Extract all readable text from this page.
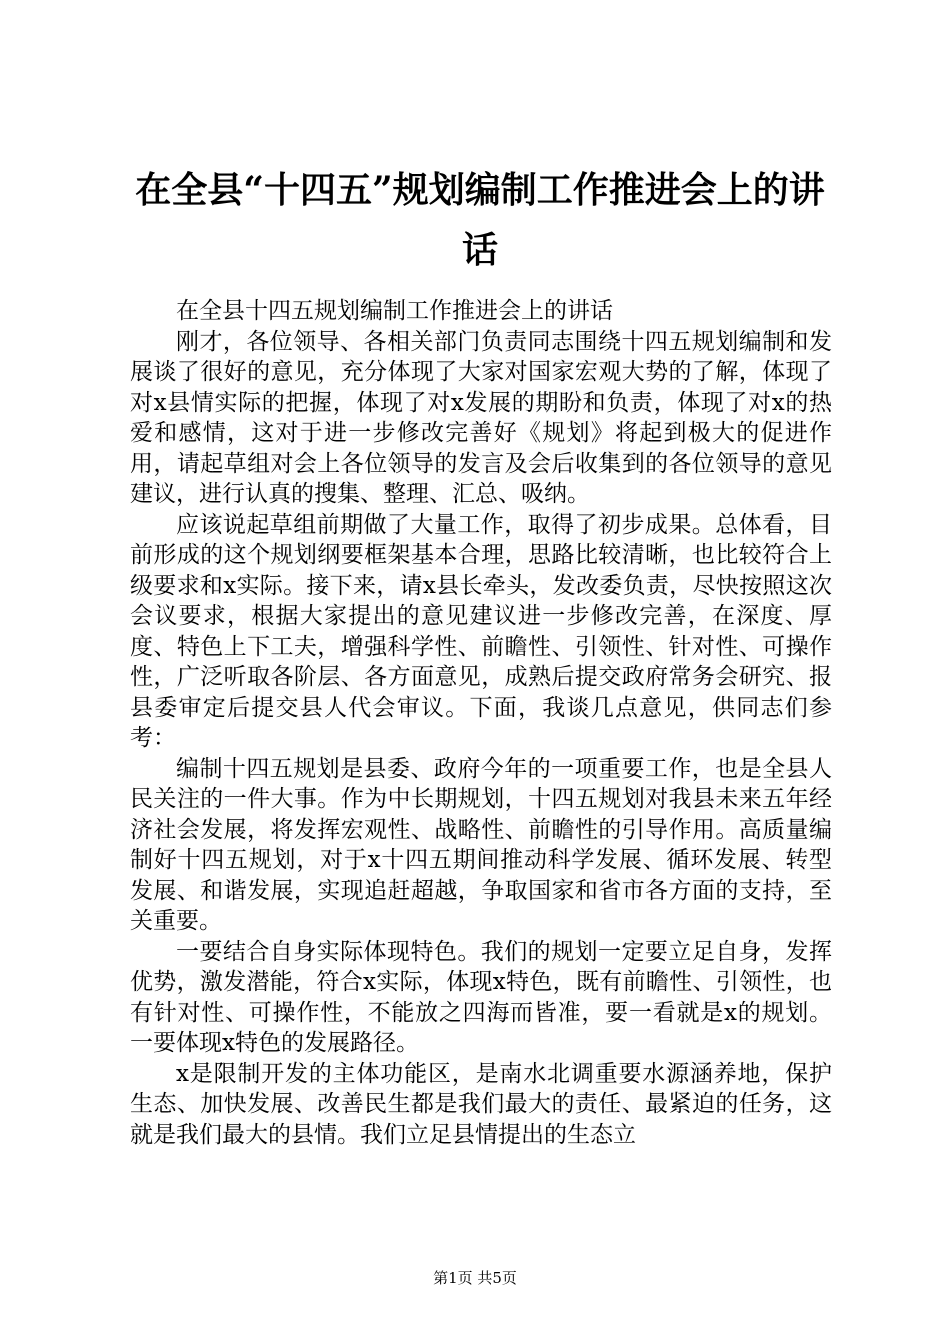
在全县“十四五”规划编制工作推进会上的讲话

在全县十四五规划编制工作推进会上的讲话

刚才，各位领导、各相关部门负责同志围绕十四五规划编制和发展谈了很好的意见，充分体现了大家对国家宏观大势的了解，体现了对x县情实际的把握，体现了对x发展的期盼和负责，体现了对x的热爱和感情，这对于进一步修改完善好《规划》将起到极大的促进作用，请起草组对会上各位领导的发言及会后收集到的各位领导的意见建议，进行认真的搜集、整理、汇总、吸纳。

应该说起草组前期做了大量工作，取得了初步成果。总体看，目前形成的这个规划纲要框架基本合理，思路比较清晰，也比较符合上级要求和x实际。接下来，请x县长牵头，发改委负责，尽快按照这次会议要求，根据大家提出的意见建议进一步修改完善，在深度、厚度、特色上下工夫，增强科学性、前瞻性、引领性、针对性、可操作性，广泛听取各阶层、各方面意见，成熟后提交政府常务会研究、报县委审定后提交县人代会审议。下面，我谈几点意见，供同志们参考：

编制十四五规划是县委、政府今年的一项重要工作，也是全县人民关注的一件大事。作为中长期规划，十四五规划对我县未来五年经济社会发展，将发挥宏观性、战略性、前瞻性的引导作用。高质量编制好十四五规划，对于x十四五期间推动科学发展、循环发展、转型发展、和谐发展，实现追赶超越，争取国家和省市各方面的支持，至关重要。

一要结合自身实际体现特色。我们的规划一定要立足自身，发挥优势，激发潜能，符合x实际，体现x特色，既有前瞻性、引领性，也有针对性、可操作性，不能放之四海而皆准，要一看就是x的规划。一要体现x特色的发展路径。

x是限制开发的主体功能区，是南水北调重要水源涵养地，保护生态、加快发展、改善民生都是我们最大的责任、最紧迫的任务，这就是我们最大的县情。我们立足县情提出的生态立

第1页 共5页
